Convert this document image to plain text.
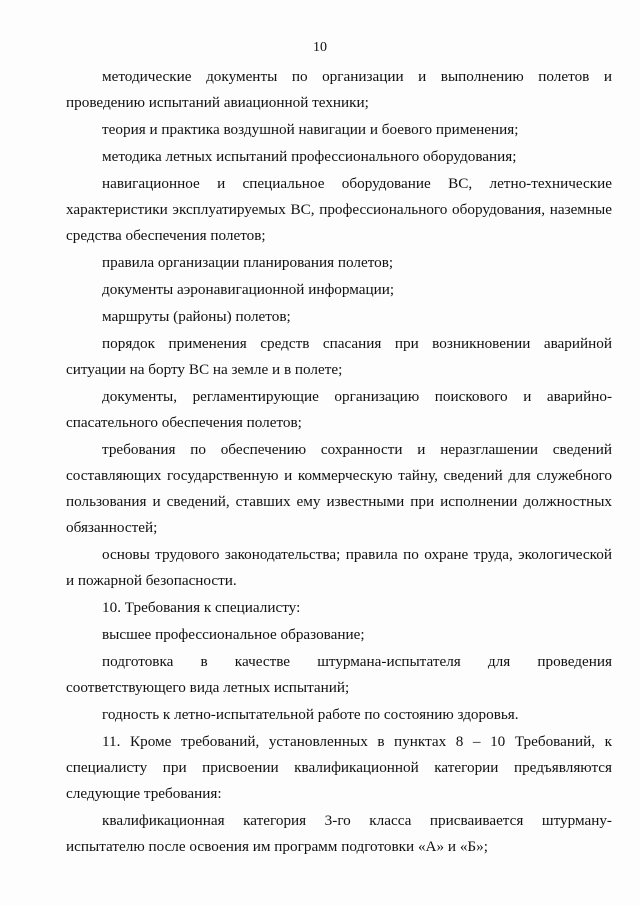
10

методические документы по организации и выполнению полетов и проведению испытаний авиационной техники;

теория и практика воздушной навигации и боевого применения;

методика летных испытаний профессионального оборудования;

навигационное и специальное оборудование ВС, летно-технические характеристики эксплуатируемых ВС, профессионального оборудования, наземные средства обеспечения полетов;

правила организации планирования полетов;

документы аэронавигационной информации;

маршруты (районы) полетов;

порядок применения средств спасания при возникновении аварийной ситуации на борту ВС на земле и в полете;

документы, регламентирующие организацию поискового и аварийно-спасательного обеспечения полетов;

требования по обеспечению сохранности и неразглашении сведений составляющих государственную и коммерческую тайну, сведений для служебного пользования и сведений, ставших ему известными при исполнении должностных обязанностей;

основы трудового законодательства; правила по охране труда, экологической и пожарной безопасности.

10. Требования к специалисту:

высшее профессиональное образование;

подготовка в качестве штурмана-испытателя для проведения соответствующего вида летных испытаний;

годность к летно-испытательной работе по состоянию здоровья.

11. Кроме требований, установленных в пунктах 8 – 10 Требований, к специалисту при присвоении квалификационной категории предъявляются следующие требования:

квалификационная категория 3-го класса присваивается штурману-испытателю после освоения им программ подготовки «А» и «Б»;
